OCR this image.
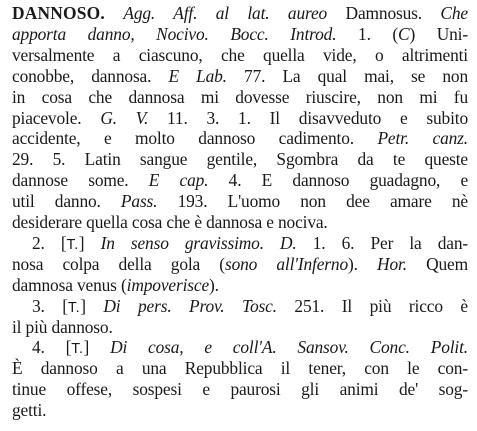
DANNOSO. Agg. Aff. al lat. aureo Damnosus. Che
apporta danno, Nocivo. Bocc. Introd. 1. (C) Uni-
versalmente a ciascuno, che quella vide, o altrimenti
conobbe, dannosa. E Lab. 77. La qual mai, se non
in cosa che dannosa mi dovesse riuscire, non mi fu
piacevole. G. V. 11. 3. 1. Il disavveduto e subito
accidente, e molto dannoso cadimento. Petr. canz.
29. 5. Latin sangue gentile, Sgombra da te queste
dannose some. E cap. 4. E dannoso guadagno, e
util danno. Pass. 193. L'uomo non dee amare nè
desiderare quella cosa che è dannosa e nociva.
2. [T.] In senso gravissimo. D. 1. 6. Per la dan-
nosa colpa della gola (sono all'Inferno). Hor. Quem
damnosa venus (impoverisce).
3. [T.] Di pers. Prov. Tosc. 251. Il più ricco è
il più dannoso.
4. [T.] Di cosa, e coll'A. Sansov. Conc. Polit.
È dannoso a una Repubblica il tener, con le con-
tinue offese, sospesi e paurosi gli animi de' sog-
getti.
